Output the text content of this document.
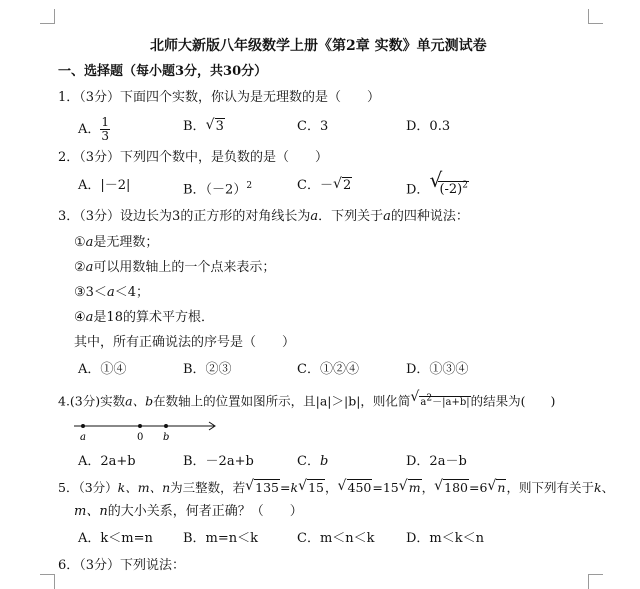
北师大新版八年级数学上册《第2章 实数》单元测试卷
一、选择题（每小题3分，共30分）
1．（3分）下面四个实数，你认为是无理数的是（　　）
A． $\frac{1}{3}$	B． √ 3	C．3	D．0.3
2．（3分）下列四个数中，是负数的是（　　）
A．|－2|	B．$(-2)^2$	C．－ √ 2	D． √
$(-2)^2$
3．（3分）设边长为3的正方形的对角线长为a．下列关于a的四种说法：
①a是无理数；
②a可以用数轴上的一个点来表示；
③3＜a＜4；
④a是18的算术平方根．
其中，所有正确说法的序号是（　　）
A．①④	B．②③	C．①②④	D．①③④
4.(3分)实数a、b在数轴上的位置如图所示，且|a|＞|b|，则化简 √ $a^2-|a+b|$的结果为(　　)
a	0 b
A．2a+b	B．－2a+b	C．b	D．2a－b
5．（3分）k、m、n为三整数，若 √ 135=k √ 15， √ 450=15 √ m， √ 180=6 √ n，则下列有关于k、
m、n的大小关系，何者正确？（　　）
A．k＜m=n B．m=n＜k	C．m＜n＜k D．m＜k＜n
6．（3分）下列说法：
